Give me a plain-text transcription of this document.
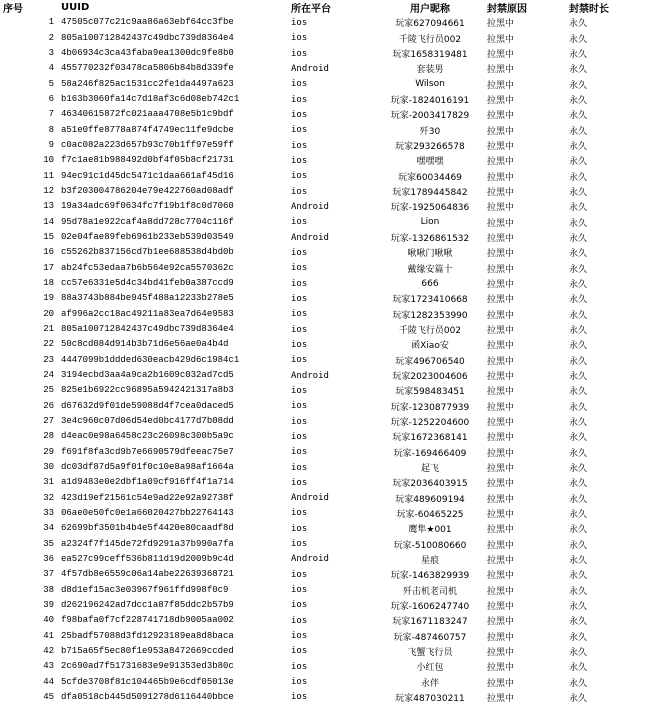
序号	UUID	所在平台	用户昵称	封禁原因	封禁时长
1	47505c077c21c9aa86a63ebf64cc3fbe	ios	玩家627094661	拉黑中	永久
2	805a100712842437c49dbc739d8364e4	ios	千陵飞行员002	拉黑中	永久
3	4b06934c3ca43faba9ea1300dc9fe8b0	ios	玩家1658319481	拉黑中	永久
4	455770232f03478ca5806b84b8d339fe	Android	套装男	拉黑中	永久
5	58a246f825ac1531cc2fe1da4497a623	ios	Wilson	拉黑中	永久
6	b163b3060fa14c7d18af3c6d08eb742c1	ios	玩家-1824016191	拉黑中	永久
7	46340615872fc021aaa4708e5b1c9bdf	ios	玩家-2003417829	拉黑中	永久
8	a51e0ffe8778a874f4749ec11fe9dcbe	ios	歼30	拉黑中	永久
9	c0ac082a223d657b93c70b1ff97e59ff	ios	玩家293266578	拉黑中	永久
10	f7c1ae81b988492d0bf4f05b8cf21731	ios	嘿嘿嘿	拉黑中	永久
11	94ec91c1d45dc5471c1daa661af45d16	ios	玩家60034469	拉黑中	永久
12	b3f203004786204e79e422760ad08adf	ios	玩家1789445842	拉黑中	永久
13	19a34adc69f0634fc7f19b1f8c0d7060	Android	玩家-1925064836	拉黑中	永久
14	95d78a1e922caf4a8dd728c7704c116f	ios	Lion	拉黑中	永久
15	02e04fae89feb6961b233eb539d03549	Android	玩家-1326861532	拉黑中	永久
16	c55262b837156cd7b1ee688538d4bd0b	ios	啾啾门啾啾	拉黑中	永久
17	ab24fc53edaa7b6b564e92ca5570362c	ios	戴缘安篇十	拉黑中	永久
18	cc57e6331e5d4c34bd41feb0a387ccd9	ios	666	拉黑中	永久
19	88a3743b884be945f488a12233b278e5	ios	玩家1723410668	拉黑中	永久
20	af996a2cc18ac49211a83ea7d64e9583	ios	玩家1282353990	拉黑中	永久
21	805a100712842437c49dbc739d8364e4	ios	千陵飞行员002	拉黑中	永久
22	50c8cd084d914b3b71d6e56ae0a4b4d	ios	函Xiao安	拉黑中	永久
23	4447099b1ddded630eacb429d6c1984c1	ios	玩家496706540	拉黑中	永久
24	3194ecbd3aa4a9ca2b1609c032ad7cd5	Android	玩家2023004606	拉黑中	永久
25	825e1b6922cc96895a5942421317a8b3	ios	玩家598483451	拉黑中	永久
26	d67632d9f01de59088d4f7cea0daced5	ios	玩家-1230877939	拉黑中	永久
27	3e4c960c07d06d54ed0bc4177d7b08dd	ios	玩家-1252204600	拉黑中	永久
28	d4eac0e98a6458c23c26098c300b5a9c	ios	玩家1672368141	拉黑中	永久
29	f691f8fa3cd9b7e6690579dfeeac75e7	ios	玩家-169466409	拉黑中	永久
30	dc03df87d5a9f01f0c10e8a98af1664a	ios	起飞	拉黑中	永久
31	a1d9483e0e2dbf1a09cf916ff4f1a714	ios	玩家2036403915	拉黑中	永久
32	423d19ef21561c54e9ad22e92a92738f	Android	玩家489609194	拉黑中	永久
33	06ae0e50fc0e1a66020427bb22764143	ios	玩家-60465225	拉黑中	永久
34	62699bf3501b4b4e5f4420e80caadf8d	ios	鹰隼★001	拉黑中	永久
35	a2324f7f145de72fd9291a37b990a7fa	ios	玩家-510080660	拉黑中	永久
36	ea527c99ceff536b811d19d2009b9c4d	Android	星痕	拉黑中	永久
37	4f57db8e6559c06a14abe22639368721	ios	玩家-1463829939	拉黑中	永久
38	d8d1ef15ac3e03967f961ffd998f0c9	ios	歼击机老司机	拉黑中	永久
39	d262196242ad7dcc1a87f85ddc2b57b9	ios	玩家-1606247740	拉黑中	永久
40	f98bafa0f7cf228741718db9005aa002	ios	玩家1671183247	拉黑中	永久
41	25badf57088d3fd12923189ea8d8baca	ios	玩家-487460757	拉黑中	永久
42	b715a65f5ec80f1e953a8472669ccded	ios	飞蟹飞行员	拉黑中	永久
43	2c690ad7f51731683e9e91353ed3b80c	ios	小红包	拉黑中	永久
44	5cfde3708f81c104465b9e6cdf05013e	ios	永伴	拉黑中	永久
45	dfa0518cb445d5091278d6116440bbce	ios	玩家487030211	拉黑中	永久
